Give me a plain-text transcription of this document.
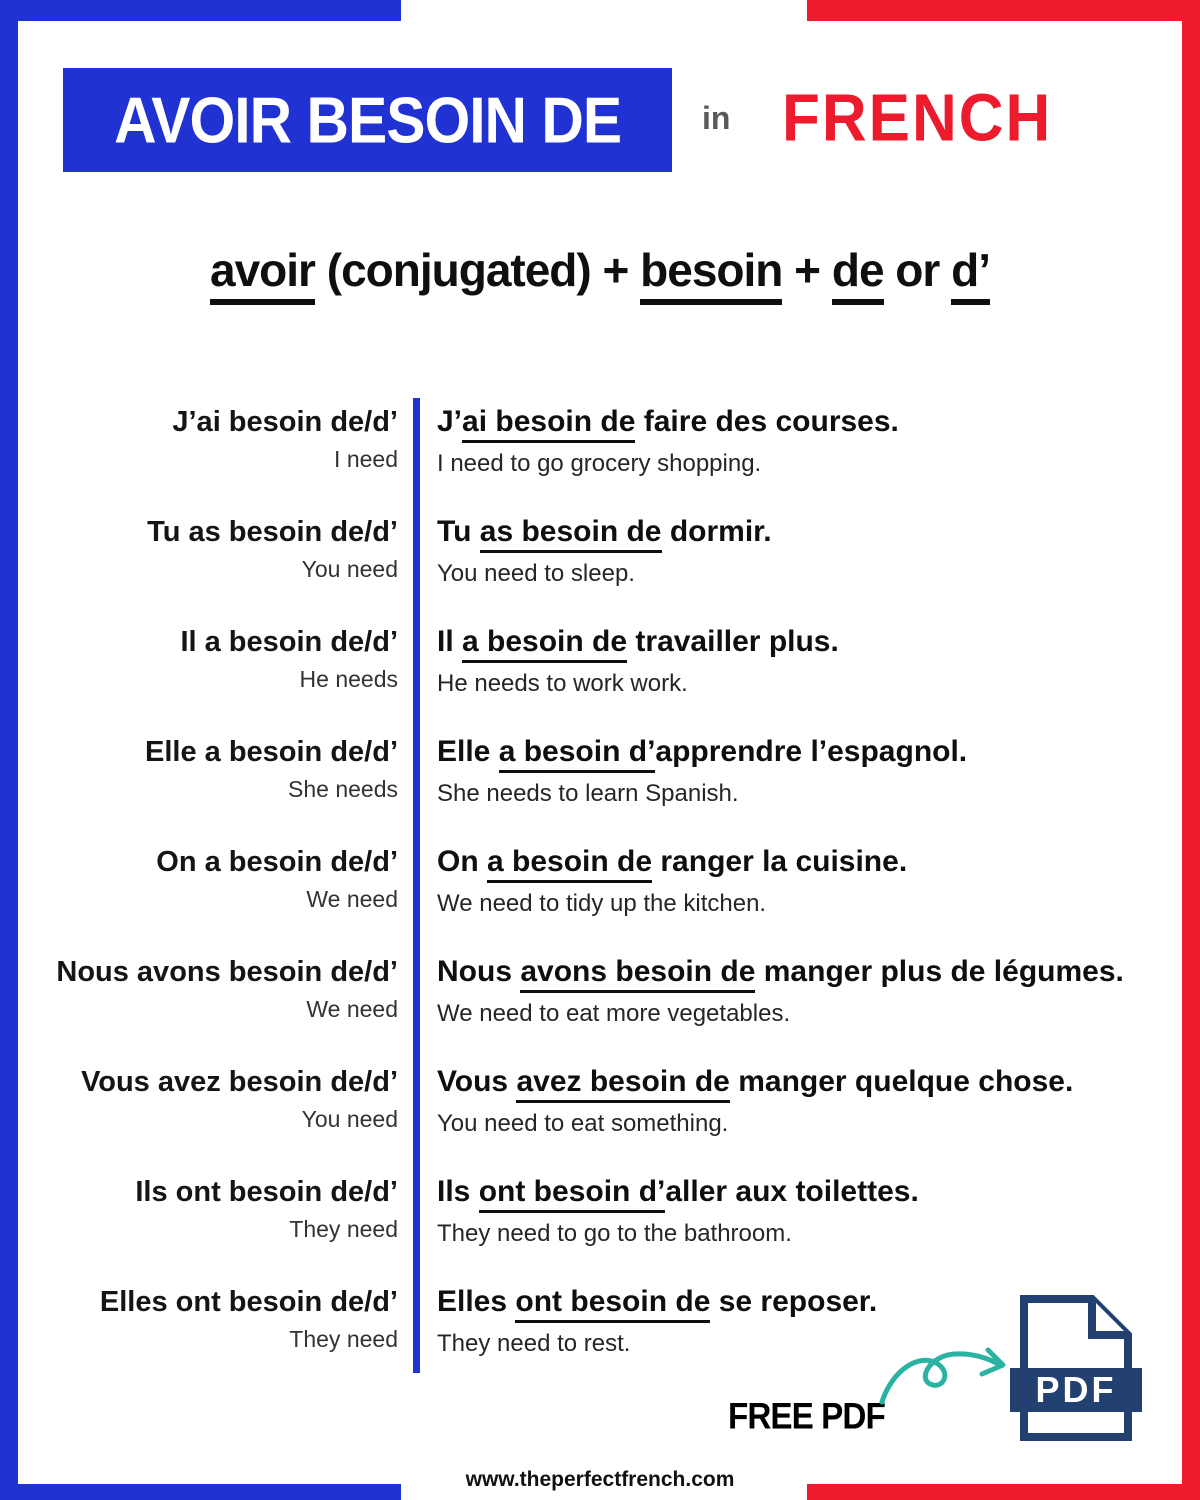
AVOIR BESOIN DE	in FRENCH
avoir (conjugated) + besoin + de or d’
J’ai besoin de/d’
I need
J’ai besoin de faire des courses.
I need to go grocery shopping.
Tu as besoin de/d’
You need
Tu as besoin de dormir.
You need to sleep.
Il a besoin de/d’
He needs
Il a besoin de travailler plus.
He needs to work work.
Elle a besoin de/d’
She needs
Elle a besoin d’apprendre l’espagnol.
She needs to learn Spanish.
On a besoin de/d’
We need
On a besoin de ranger la cuisine.
We need to tidy up the kitchen.
Nous avons besoin de/d’
We need
Nous avons besoin de manger plus de légumes.
We need to eat more vegetables.
Vous avez besoin de/d’
You need
Vous avez besoin de manger quelque chose.
You need to eat something.
Ils ont besoin de/d’
They need
Ils ont besoin d’aller aux toilettes.
They need to go to the bathroom.
Elles ont besoin de/d’
They need
Elles ont besoin de se reposer.
They need to rest.
FREE PDF
PDF
www.theperfectfrench.com
